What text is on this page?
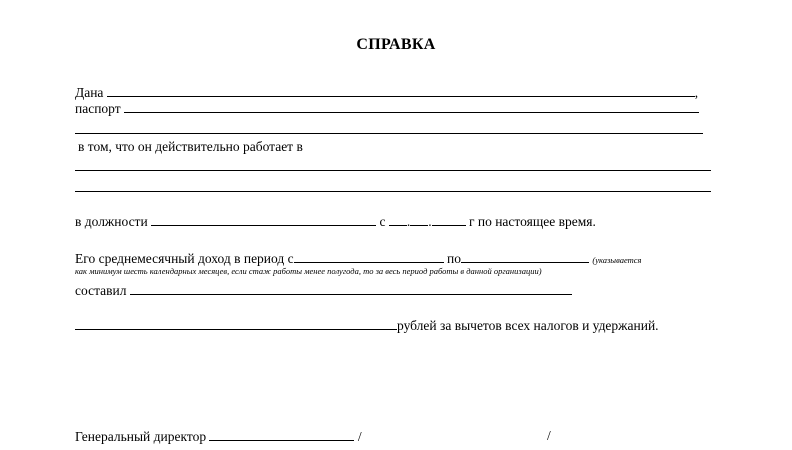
СПРАВКА
Дана	,
паспорт
в том, что он действительно работает в
в должности	с . .	г по настоящее время.
Его среднемесячный доход в период с	по	(указывается
как минимум шесть календарных месяцев, если стаж работы менее полугода, то за весь период работы в данной организации)
составил
рублей за вычетов всех налогов и удержаний.
Генеральный директор	/	/
